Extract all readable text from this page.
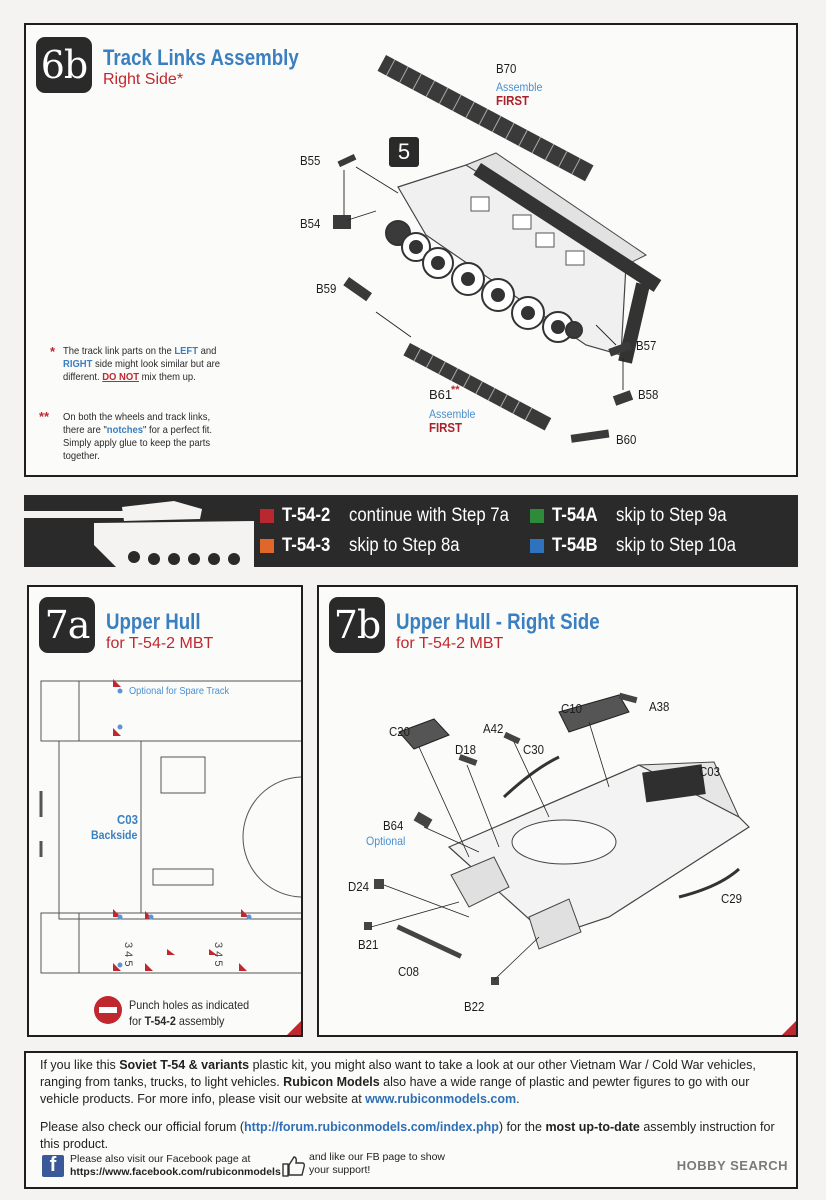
6b Track Links Assembly
Right Side*
5
B70
Assemble
FIRST
B55
B54
B59
B57
B58
B61
**
Assemble
FIRST
B60
* The track link parts on the LEFT and RIGHT side might look similar but are different. DO NOT mix them up.
** On both the wheels and track links, there are "notches" for a perfect fit. Simply apply glue to keep the parts together.
T-54-2 continue with Step 7a T-54A skip to Step 9a
T-54-3 skip to Step 8a	T-54B skip to Step 10a
7a Upper Hull
for T-54-2 MBT
3 4 5	3 4 5
Optional for Spare Track
C03
Backside
Punch holes as indicated
for T-54-2 assembly
7b Upper Hull - Right Side
for T-54-2 MBT
C10	A38
C20	A42
D18	C30
C03
B64
Optional
D24
C29
B21
C08
B22
If you like this Soviet T-54 & variants plastic kit, you might also want to take a look at our other Vietnam War / Cold War vehicles, ranging from tanks, trucks, to light vehicles. Rubicon Models also have a wide range of plastic and pewter figures to go with our vehicle products. For more info, please visit our website at www.rubiconmodels.com.
Please also check our official forum (http://forum.rubiconmodels.com/index.php) for the most up-to-date assembly instruction for this product.
f	Please also visit our Facebook page at
https://www.facebook.com/rubiconmodels
and like our FB page to show
your support!	HOBBY SEARCH
